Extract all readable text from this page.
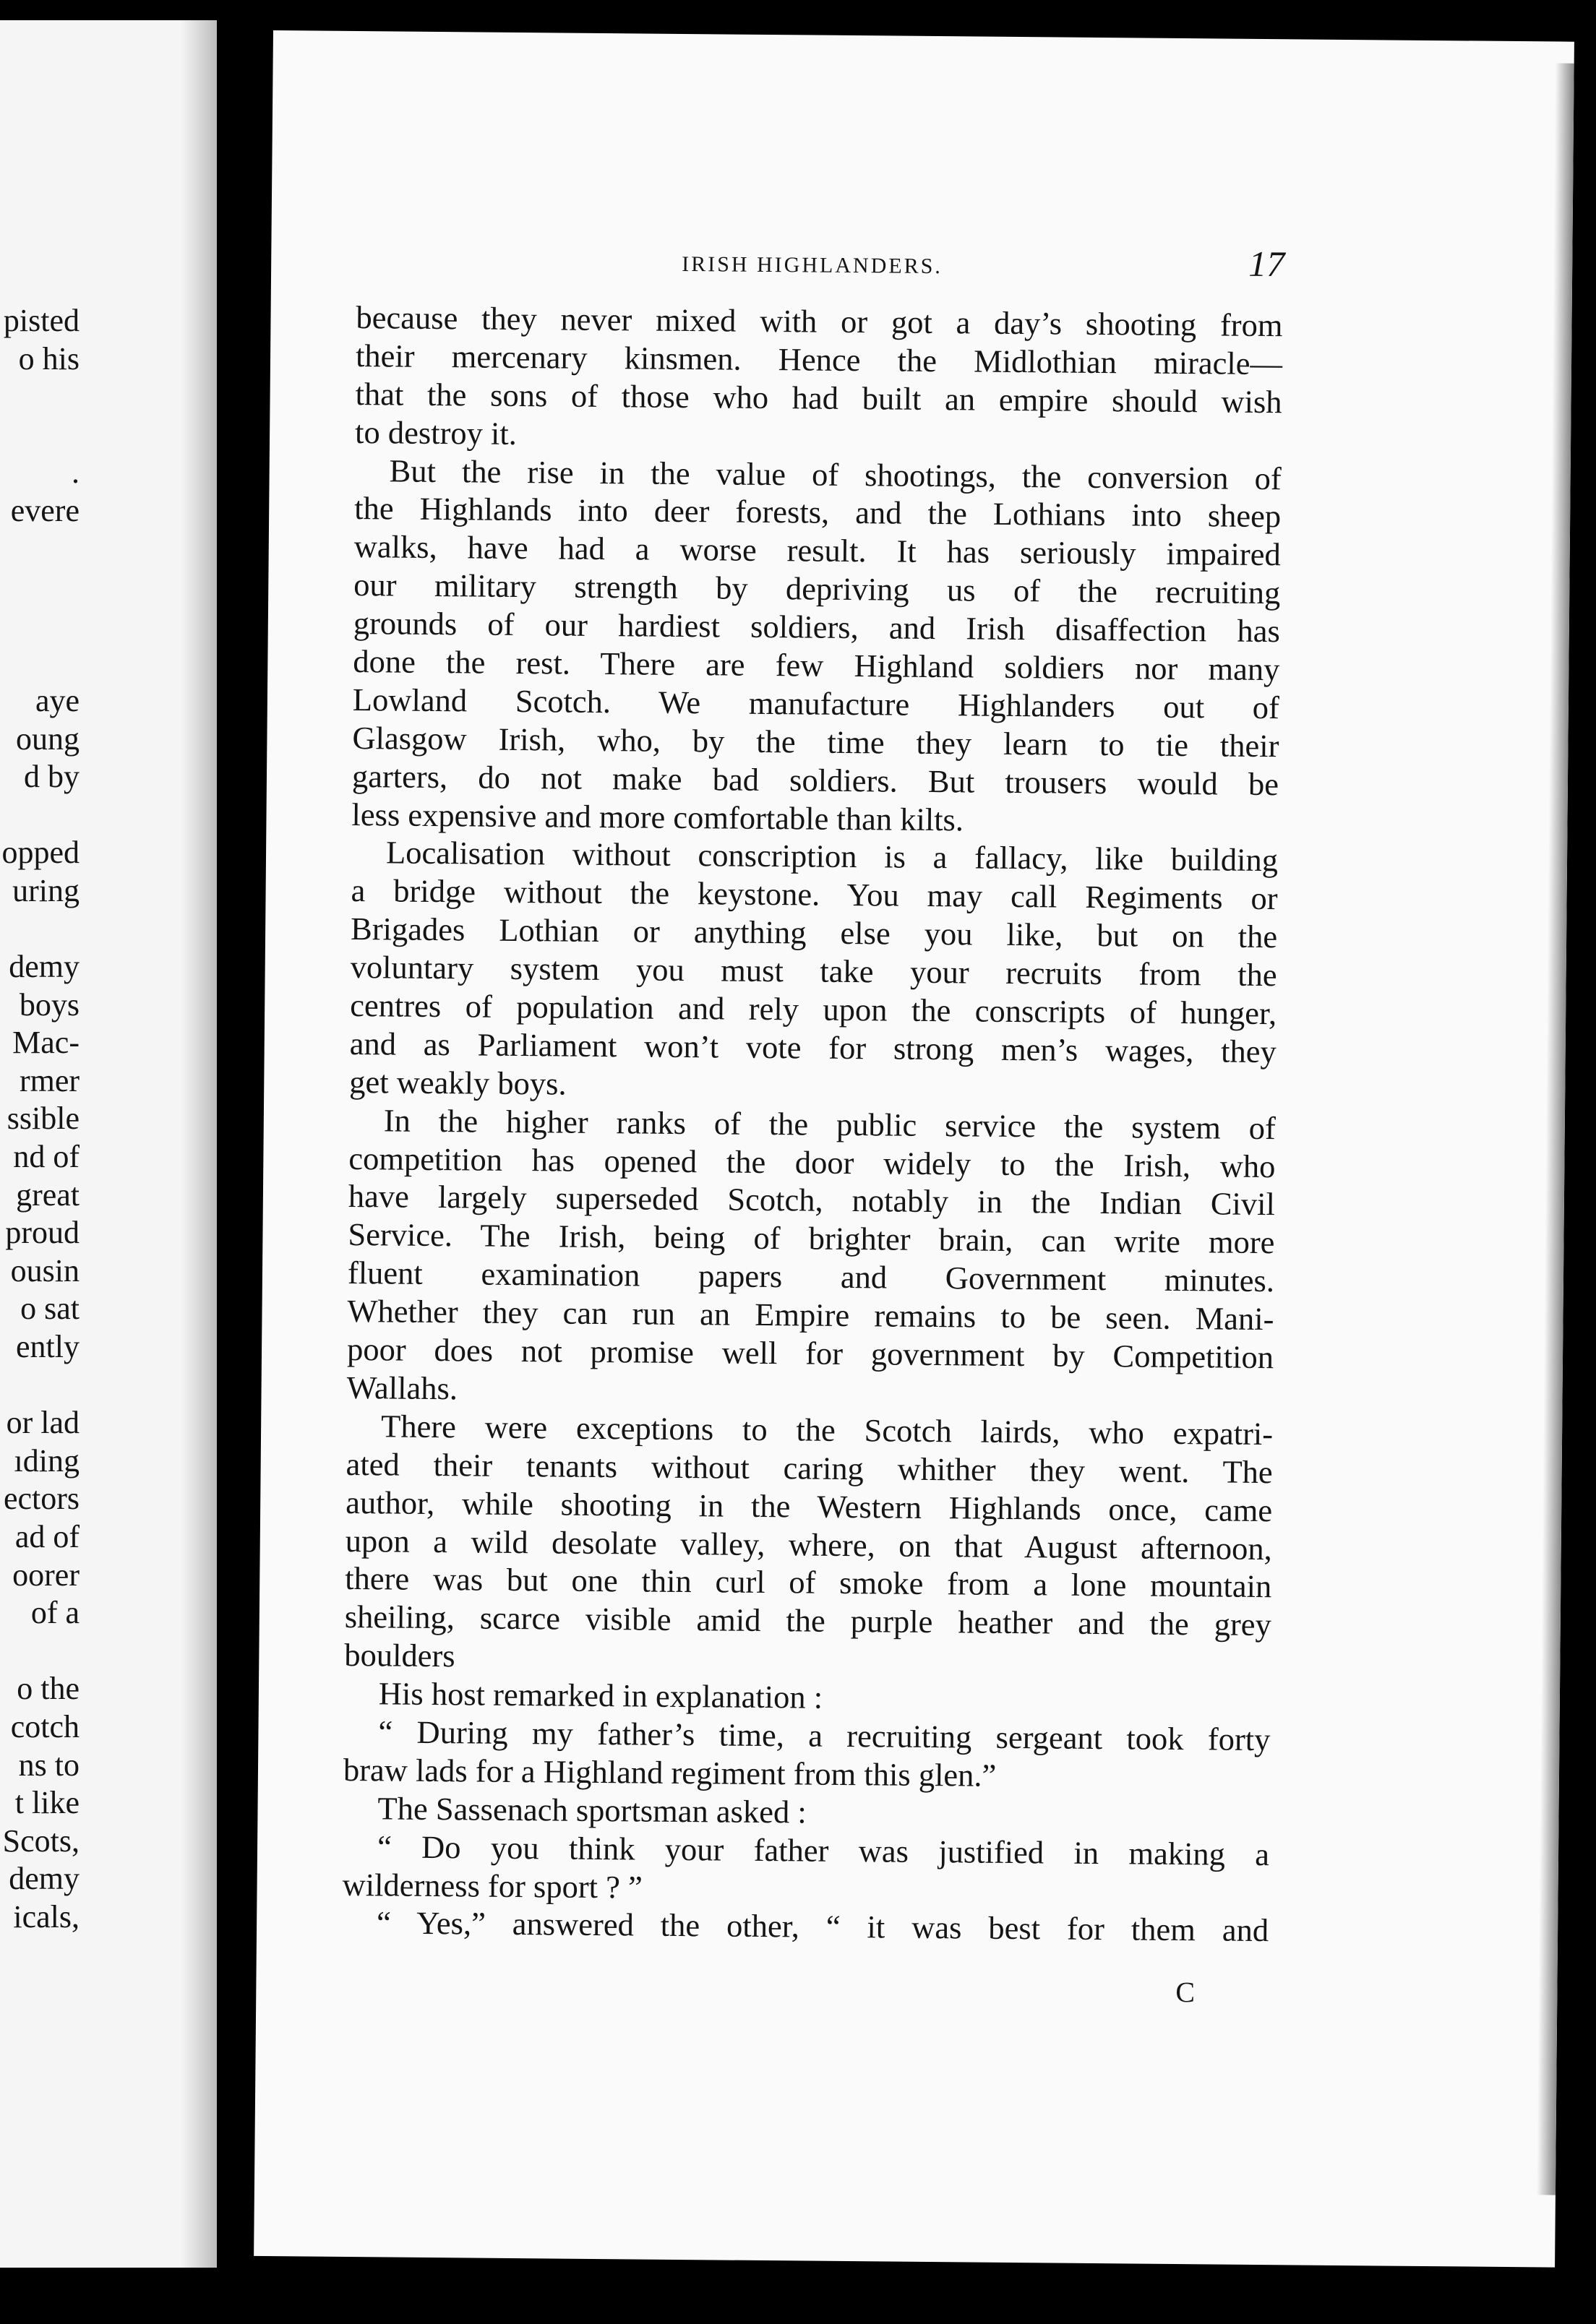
pisted
o his
.
evere
aye
oung
d by
opped
uring
demy
boys
Mac-
rmer
ssible
nd of
great
proud
ousin
o sat
ently
or lad
ıding
ectors
ad of
oorer
of a
o the
cotch
ns to
t like
Scots,
demy
icals,
IRISH HIGHLANDERS.	17
because they never mixed with or got a day’s shooting from
their mercenary kinsmen. Hence the Midlothian miracle—
that the sons of those who had built an empire should wish
to destroy it.
But the rise in the value of shootings, the conversion of
the Highlands into deer forests, and the Lothians into sheep
walks, have had a worse result. It has seriously impaired
our military strength by depriving us of the recruiting
grounds of our hardiest soldiers, and Irish disaffection has
done the rest. There are few Highland soldiers nor many
Lowland Scotch. We manufacture Highlanders out of
Glasgow Irish, who, by the time they learn to tie their
garters, do not make bad soldiers. But trousers would be
less expensive and more comfortable than kilts.
Localisation without conscription is a fallacy, like building
a bridge without the keystone. You may call Regiments or
Brigades Lothian or anything else you like, but on the
voluntary system you must take your recruits from the
centres of population and rely upon the conscripts of hunger,
and as Parliament won’t vote for strong men’s wages, they
get weakly boys.
In the higher ranks of the public service the system of
competition has opened the door widely to the Irish, who
have largely superseded Scotch, notably in the Indian Civil
Service. The Irish, being of brighter brain, can write more
fluent examination papers and Government minutes.
Whether they can run an Empire remains to be seen. Mani-
poor does not promise well for government by Competition
Wallahs.
There were exceptions to the Scotch lairds, who expatri-
ated their tenants without caring whither they went. The
author, while shooting in the Western Highlands once, came
upon a wild desolate valley, where, on that August afternoon,
there was but one thin curl of smoke from a lone mountain
sheiling, scarce visible amid the purple heather and the grey
boulders
His host remarked in explanation :
“ During my father’s time, a recruiting sergeant took forty
braw lads for a Highland regiment from this glen.”
The Sassenach sportsman asked :
“ Do you think your father was justified in making a
wilderness for sport ? ”
“ Yes,” answered the other, “ it was best for them and
C
